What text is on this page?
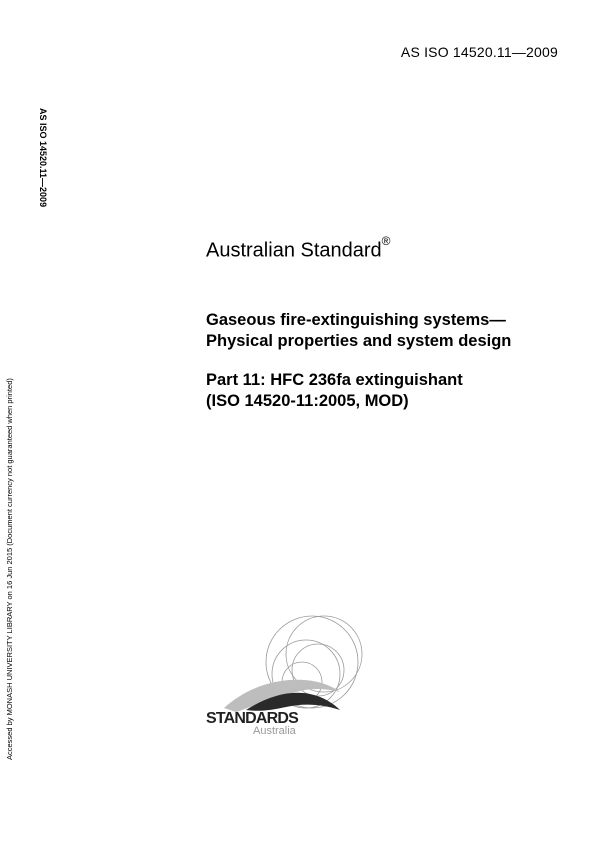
AS ISO 14520.11—2009
AS ISO 14520.11—2009
Accessed by MONASH UNIVERSITY LIBRARY on 16 Jun 2015 (Document currency not guaranteed when printed)
Australian Standard®
Gaseous fire-extinguishing systems—
Physical properties and system design
Part 11: HFC 236fa extinguishant
(ISO 14520-11:2005, MOD)
STANDARDS
Australia
